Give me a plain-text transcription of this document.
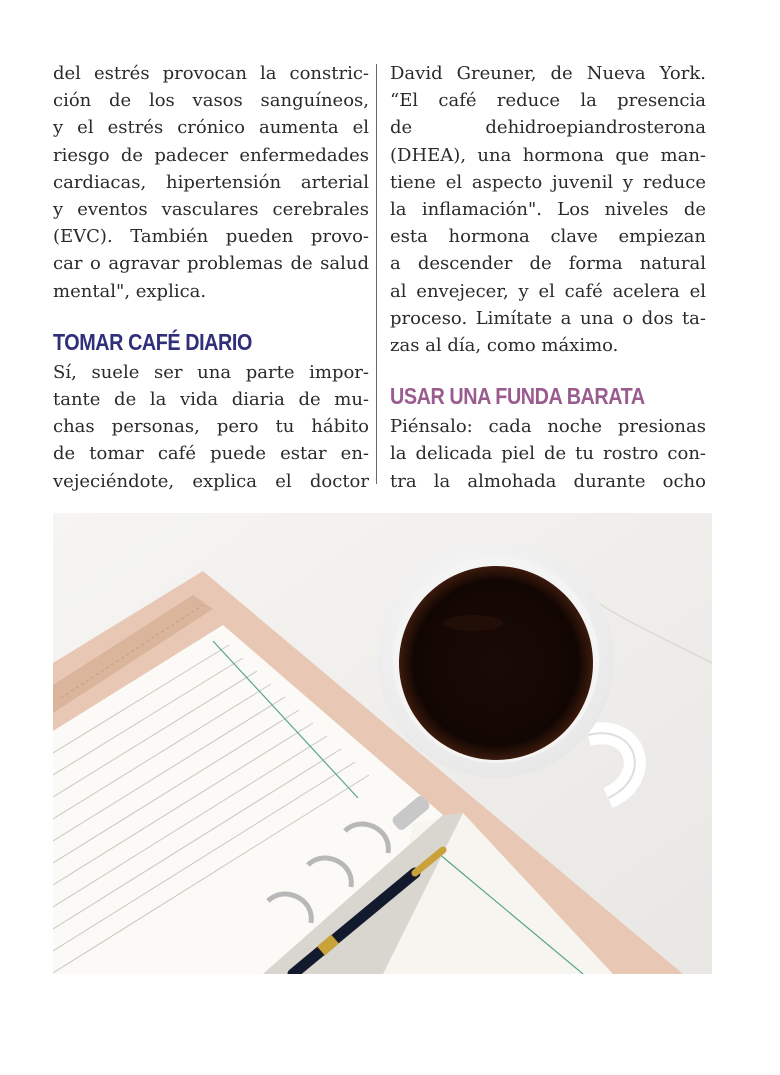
del estrés provocan la constric-
ción de los vasos sanguíneos,
y el estrés crónico aumenta el
riesgo de padecer enfermedades
cardiacas, hipertensión arterial
y eventos vasculares cerebrales
(EVC). También pueden provo-
car o agravar problemas de salud
mental", explica.
TOMAR CAFÉ DIARIO
Sí, suele ser una parte impor-
tante de la vida diaria de mu-
chas personas, pero tu hábito
de tomar café puede estar en-
vejeciéndote, explica el doctor
David Greuner, de Nueva York.
“El café reduce la presencia
de dehidroepiandrosterona
(DHEA), una hormona que man-
tiene el aspecto juvenil y reduce
la inflamación". Los niveles de
esta hormona clave empiezan
a descender de forma natural
al envejecer, y el café acelera el
proceso. Limítate a una o dos ta-
zas al día, como máximo.
USAR UNA FUNDA BARATA
Piénsalo: cada noche presionas
la delicada piel de tu rostro con-
tra la almohada durante ocho
